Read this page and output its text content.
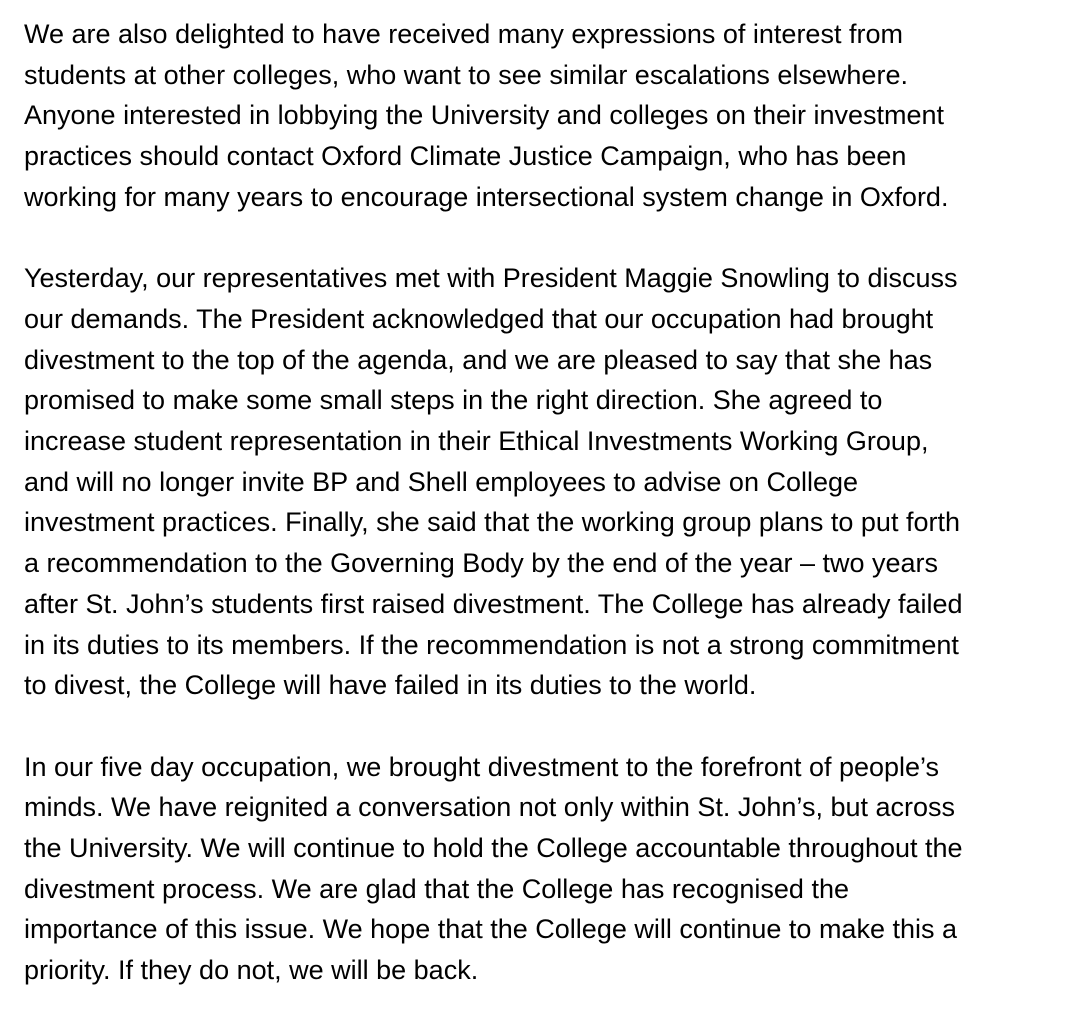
We are also delighted to have received many expressions of interest from
students at other colleges, who want to see similar escalations elsewhere.
Anyone interested in lobbying the University and colleges on their investment
practices should contact Oxford Climate Justice Campaign, who has been
working for many years to encourage intersectional system change in Oxford.

Yesterday, our representatives met with President Maggie Snowling to discuss
our demands. The President acknowledged that our occupation had brought
divestment to the top of the agenda, and we are pleased to say that she has
promised to make some small steps in the right direction. She agreed to
increase student representation in their Ethical Investments Working Group,
and will no longer invite BP and Shell employees to advise on College
investment practices. Finally, she said that the working group plans to put forth
a recommendation to the Governing Body by the end of the year – two years
after St. John’s students first raised divestment. The College has already failed
in its duties to its members. If the recommendation is not a strong commitment
to divest, the College will have failed in its duties to the world.

In our five day occupation, we brought divestment to the forefront of people’s
minds. We have reignited a conversation not only within St. John’s, but across
the University. We will continue to hold the College accountable throughout the
divestment process. We are glad that the College has recognised the
importance of this issue. We hope that the College will continue to make this a
priority. If they do not, we will be back.
